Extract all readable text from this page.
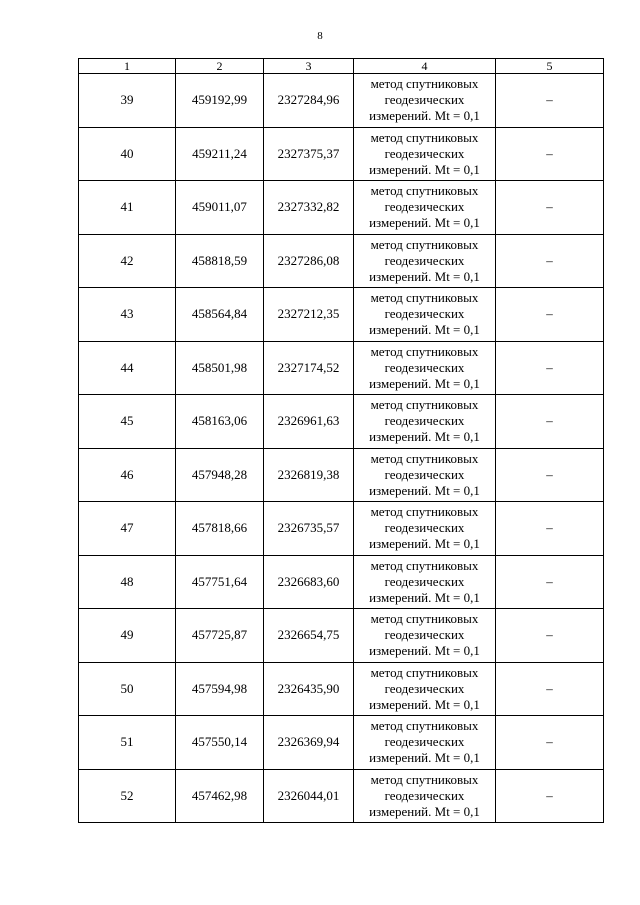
8
1	2	3	4	5
39	459192,99	2327284,96	метод спутниковых
геодезических
измерений. Mt = 0,1	–
40	459211,24	2327375,37	метод спутниковых
геодезических
измерений. Mt = 0,1	–
41	459011,07	2327332,82	метод спутниковых
геодезических
измерений. Mt = 0,1	–
42	458818,59	2327286,08	метод спутниковых
геодезических
измерений. Mt = 0,1	–
43	458564,84	2327212,35	метод спутниковых
геодезических
измерений. Mt = 0,1	–
44	458501,98	2327174,52	метод спутниковых
геодезических
измерений. Mt = 0,1	–
45	458163,06	2326961,63	метод спутниковых
геодезических
измерений. Mt = 0,1	–
46	457948,28	2326819,38	метод спутниковых
геодезических
измерений. Mt = 0,1	–
47	457818,66	2326735,57	метод спутниковых
геодезических
измерений. Mt = 0,1	–
48	457751,64	2326683,60	метод спутниковых
геодезических
измерений. Mt = 0,1	–
49	457725,87	2326654,75	метод спутниковых
геодезических
измерений. Mt = 0,1	–
50	457594,98	2326435,90	метод спутниковых
геодезических
измерений. Mt = 0,1	–
51	457550,14	2326369,94	метод спутниковых
геодезических
измерений. Mt = 0,1	–
52	457462,98	2326044,01	метод спутниковых
геодезических
измерений. Mt = 0,1	–
